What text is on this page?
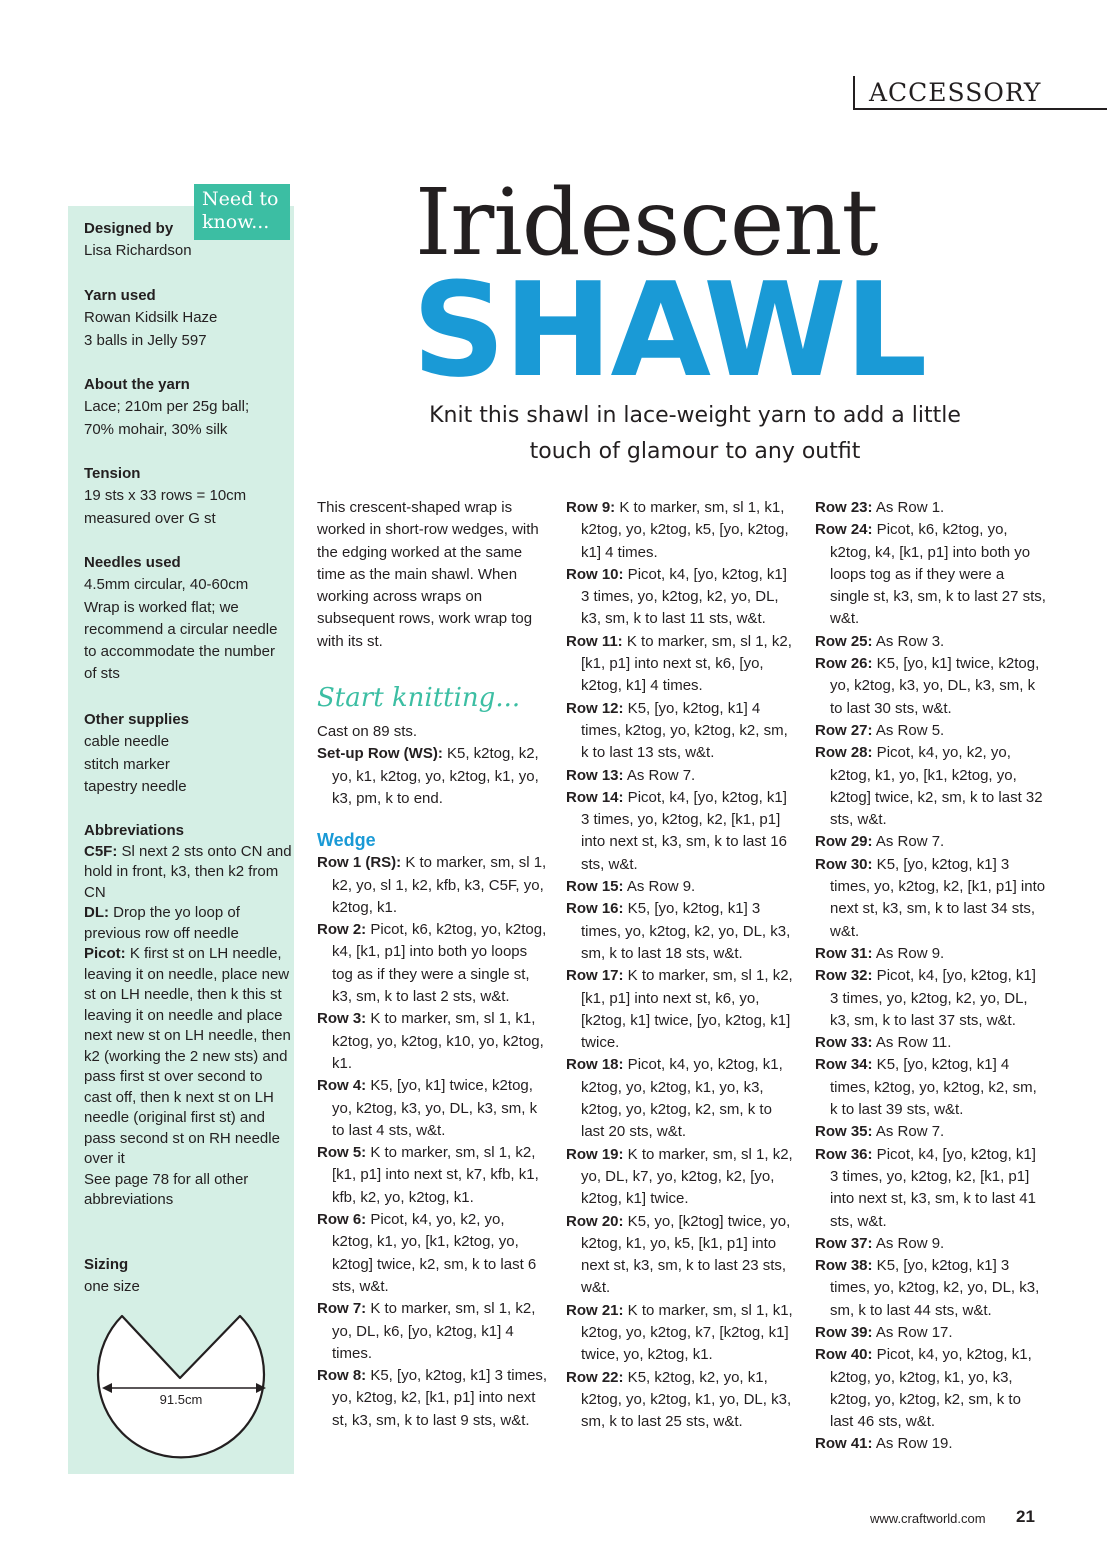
ACCESSORY
Need to know...
Designed by
Lisa Richardson
Yarn used
Rowan Kidsilk Haze
3 balls in Jelly 597
About the yarn
Lace; 210m per 25g ball;
70% mohair, 30% silk
Tension
19 sts x 33 rows = 10cm
measured over G st
Needles used
4.5mm circular, 40-60cm Wrap is worked flat; we recommend a circular needle to accommodate the number of sts
Other supplies
cable needle
stitch marker
tapestry needle
Abbreviations
C5F: Sl next 2 sts onto CN and hold in front, k3, then k2 from CN
DL: Drop the yo loop of previous row off needle
Picot: K first st on LH needle, leaving it on needle, place new st on LH needle, then k this st leaving it on needle and place next new st on LH needle, then k2 (working the 2 new sts) and pass first st over second to cast off, then k next st on LH needle (original first st) and pass second st on RH needle over it
See page 78 for all other abbreviations
Sizing
one size
91.5cm
Iridescent
SHAWL
Knit this shawl in lace-weight yarn to add a little touch of glamour to any outfit

This crescent-shaped wrap is worked in short-row wedges, with the edging worked at the same time as the main shawl. When working across wraps on subsequent rows, work wrap tog with its st.

Start knitting...

Cast on 89 sts.

Set-up Row (WS): K5, k2tog, k2, yo, k1, k2tog, yo, k2tog, k1, yo, k3, pm, k to end.

Wedge

Row 1 (RS): K to marker, sm, sl 1, k2, yo, sl 1, k2, kfb, k3, C5F, yo, k2tog, k1.

Row 2: Picot, k6, k2tog, yo, k2tog, k4, [k1, p1] into both yo loops tog as if they were a single st, k3, sm, k to last 2 sts, w&t.

Row 3: K to marker, sm, sl 1, k1, k2tog, yo, k2tog, k10, yo, k2tog, k1.

Row 4: K5, [yo, k1] twice, k2tog, yo, k2tog, k3, yo, DL, k3, sm, k to last 4 sts, w&t.

Row 5: K to marker, sm, sl 1, k2, [k1, p1] into next st, k7, kfb, k1, kfb, k2, yo, k2tog, k1.

Row 6: Picot, k4, yo, k2, yo, k2tog, k1, yo, [k1, k2tog, yo, k2tog] twice, k2, sm, k to last 6 sts, w&t.

Row 7: K to marker, sm, sl 1, k2, yo, DL, k6, [yo, k2tog, k1] 4 times.

Row 8: K5, [yo, k2tog, k1] 3 times, yo, k2tog, k2, [k1, p1] into next st, k3, sm, k to last 9 sts, w&t.

Row 9: K to marker, sm, sl 1, k1, k2tog, yo, k2tog, k5, [yo, k2tog, k1] 4 times.

Row 10: Picot, k4, [yo, k2tog, k1] 3 times, yo, k2tog, k2, yo, DL, k3, sm, k to last 11 sts, w&t.

Row 11: K to marker, sm, sl 1, k2, [k1, p1] into next st, k6, [yo, k2tog, k1] 4 times.

Row 12: K5, [yo, k2tog, k1] 4 times, k2tog, yo, k2tog, k2, sm, k to last 13 sts, w&t.

Row 13: As Row 7.

Row 14: Picot, k4, [yo, k2tog, k1] 3 times, yo, k2tog, k2, [k1, p1] into next st, k3, sm, k to last 16 sts, w&t.

Row 15: As Row 9.

Row 16: K5, [yo, k2tog, k1] 3 times, yo, k2tog, k2, yo, DL, k3, sm, k to last 18 sts, w&t.

Row 17: K to marker, sm, sl 1, k2, [k1, p1] into next st, k6, yo,[k2tog, k1] twice, [yo, k2tog, k1] twice.

Row 18: Picot, k4, yo, k2tog, k1, k2tog, yo, k2tog, k1, yo, k3, k2tog, yo, k2tog, k2, sm, k to last 20 sts, w&t.

Row 19: K to marker, sm, sl 1, k2, yo, DL, k7, yo, k2tog, k2, [yo, k2tog, k1] twice.

Row 20: K5, yo, [k2tog] twice, yo, k2tog, k1, yo, k5, [k1, p1] into next st, k3, sm, k to last 23 sts, w&t.

Row 21: K to marker, sm, sl 1, k1, k2tog, yo, k2tog, k7, [k2tog, k1] twice, yo, k2tog, k1.

Row 22: K5, k2tog, k2, yo, k1, k2tog, yo, k2tog, k1, yo, DL, k3, sm, k to last 25 sts, w&t.

Row 23: As Row 1.

Row 24: Picot, k6, k2tog, yo, k2tog, k4, [k1, p1] into both yo loops tog as if they were a single st, k3, sm, k to last 27 sts, w&t.

Row 25: As Row 3.

Row 26: K5, [yo, k1] twice, k2tog, yo, k2tog, k3, yo, DL, k3, sm, k to last 30 sts, w&t.

Row 27: As Row 5.

Row 28: Picot, k4, yo, k2, yo, k2tog, k1, yo, [k1, k2tog, yo, k2tog] twice, k2, sm, k to last 32 sts, w&t.

Row 29: As Row 7.

Row 30: K5, [yo, k2tog, k1] 3 times, yo, k2tog, k2, [k1, p1] into next st, k3, sm, k to last 34 sts, w&t.

Row 31: As Row 9.

Row 32: Picot, k4, [yo, k2tog, k1] 3 times, yo, k2tog, k2, yo, DL, k3, sm, k to last 37 sts, w&t.

Row 33: As Row 11.

Row 34: K5, [yo, k2tog, k1] 4 times, k2tog, yo, k2tog, k2, sm, k to last 39 sts, w&t.

Row 35: As Row 7.

Row 36: Picot, k4, [yo, k2tog, k1] 3 times, yo, k2tog, k2, [k1, p1] into next st, k3, sm, k to last 41 sts, w&t.

Row 37: As Row 9.

Row 38: K5, [yo, k2tog, k1] 3 times, yo, k2tog, k2, yo, DL, k3, sm, k to last 44 sts, w&t.

Row 39: As Row 17.

Row 40: Picot, k4, yo, k2tog, k1, k2tog, yo, k2tog, k1, yo, k3, k2tog, yo, k2tog, k2, sm, k to last 46 sts, w&t.

Row 41: As Row 19.

www.craftworld.com 21
